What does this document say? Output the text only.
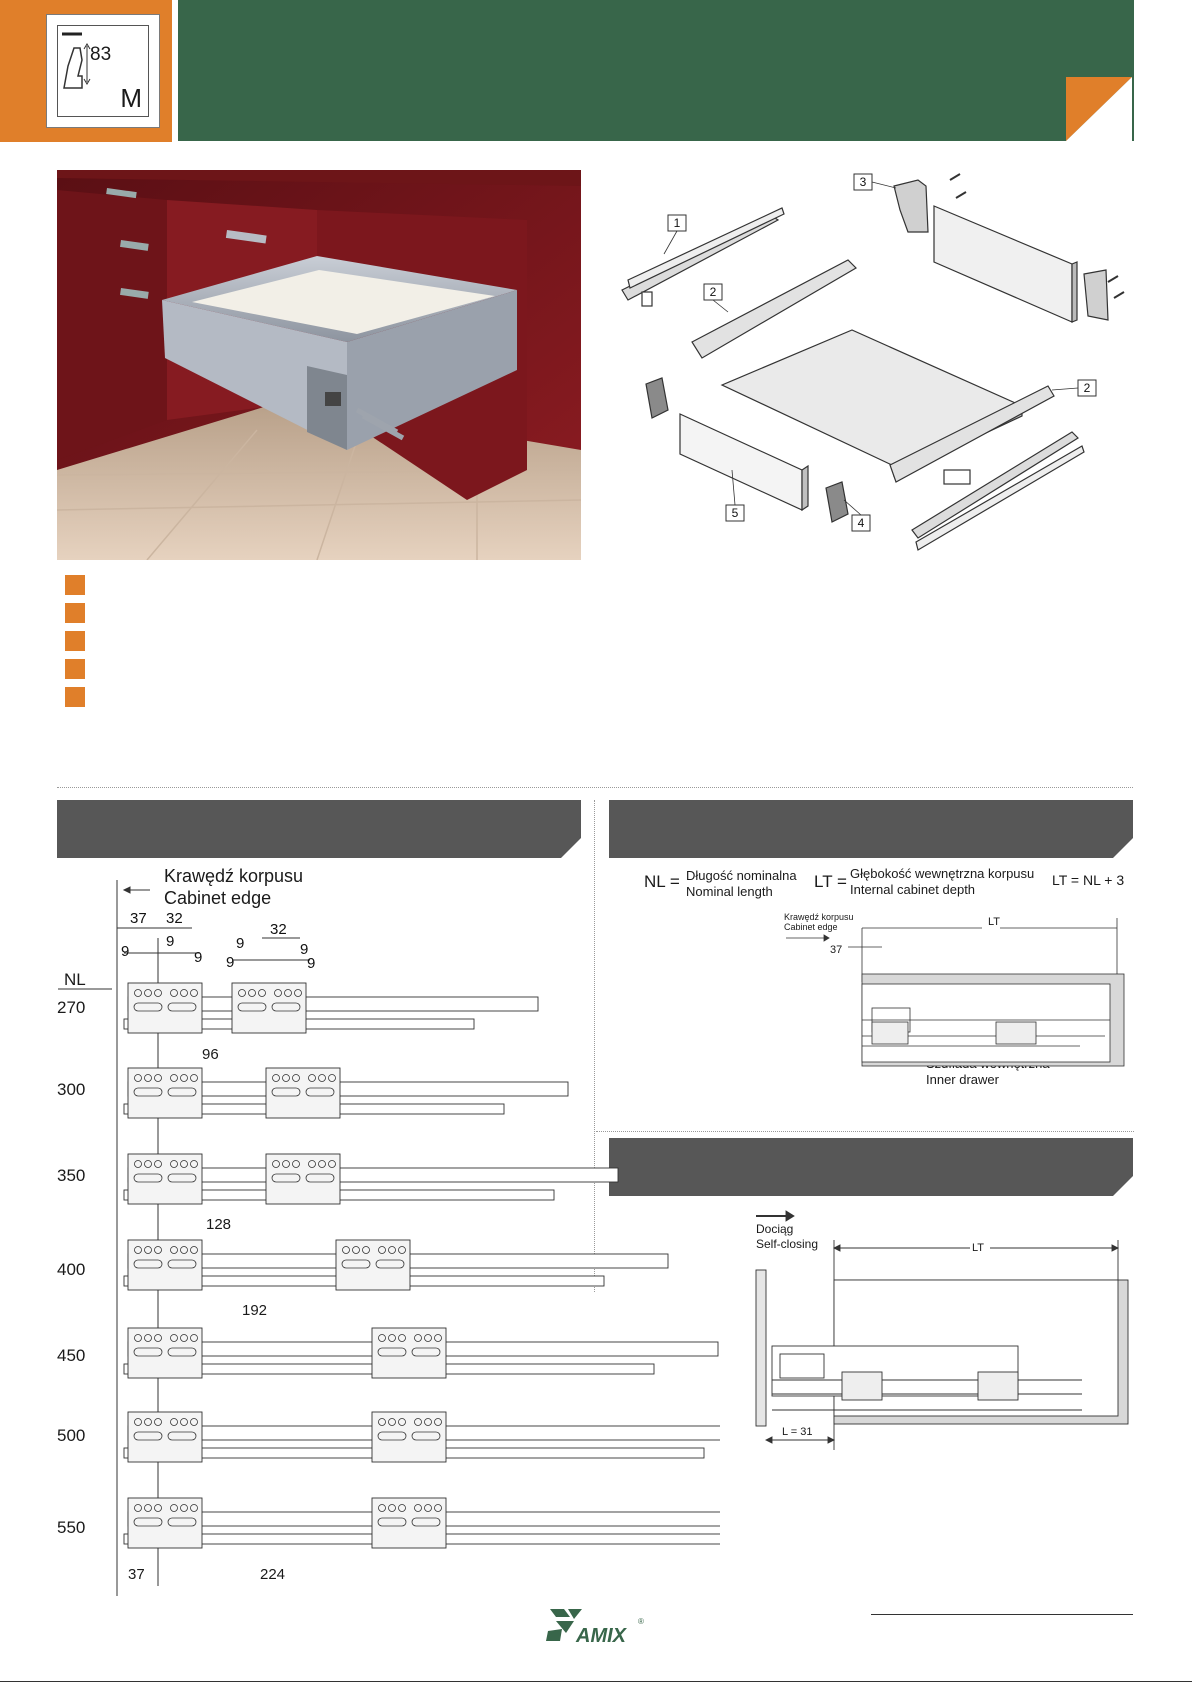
83
M
1
2
3
2
4
5
37 32
32
9
9
9
9
9
9
9
Krawędź korpusu
Cabinet edge
NL
270
300
350
400
450
500
550
96
128
192
224
37
NL = Długość nominalna
Nominal length
LT = Głębokość wewnętrzna korpusu
Internal cabinet depth
LT = NL + 3
Krawędź korpusu
Cabinet edge	LT
37
Inner drawer
Dociąg
Self-closing	LT
L = 31
AMIX
®
